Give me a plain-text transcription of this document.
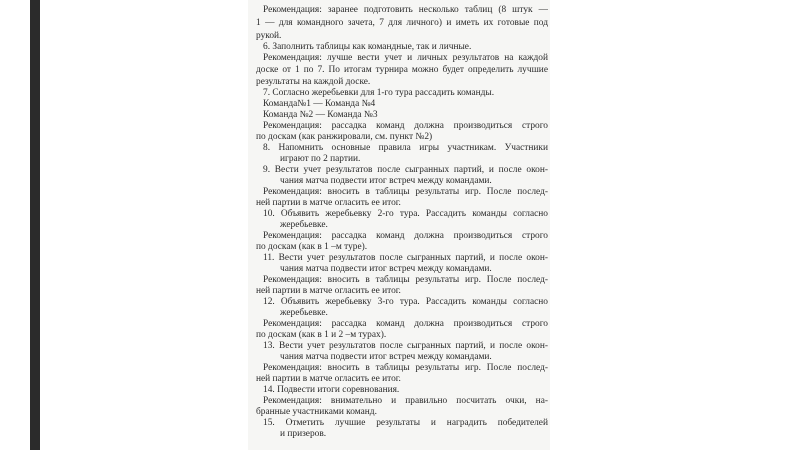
Рекомендация: заранее подготовить несколько таблиц (8 штук —
1 — для командного зачета, 7 для личного) и иметь их готовые под
рукой.
6. Заполнить таблицы как командные, так и личные.
Рекомендация: лучше вести учет и личных результатов на каждой
доске от 1 по 7. По итогам турнира можно будет определить лучшие
результаты на каждой доске.
7. Согласно жеребьевки для 1-го тура рассадить команды.
Команда№1 — Команда №4
Команда №2 — Команда №3
Рекомендация: рассадка команд должна производиться строго
по доскам (как ранжировали, см. пункт №2)
8. Напомнить основные правила игры участникам. Участники
играют по 2 партии.
9. Вести учет результатов после сыгранных партий, и после окон-
чания матча подвести итог встреч между командами.
Рекомендация: вносить в таблицы результаты игр. После послед-
ней партии в матче огласить ее итог.
10. Объявить жеребьевку 2-го тура. Рассадить команды согласно
жеребьевке.
Рекомендация: рассадка команд должна производиться строго
по доскам (как в 1 –м туре).
11. Вести учет результатов после сыгранных партий, и после окон-
чания матча подвести итог встреч между командами.
Рекомендация: вносить в таблицы результаты игр. После послед-
ней партии в матче огласить ее итог.
12. Объявить жеребьевку 3-го тура. Рассадить команды согласно
жеребьевке.
Рекомендация: рассадка команд должна производиться строго
по доскам (как в 1 и 2 –м турах).
13. Вести учет результатов после сыгранных партий, и после окон-
чания матча подвести итог встреч между командами.
Рекомендация: вносить в таблицы результаты игр. После послед-
ней партии в матче огласить ее итог.
14. Подвести итоги соревнования.
Рекомендация: внимательно и правильно посчитать очки, на-
бранные участниками команд.
15. Отметить лучшие результаты и наградить победителей
и призеров.
